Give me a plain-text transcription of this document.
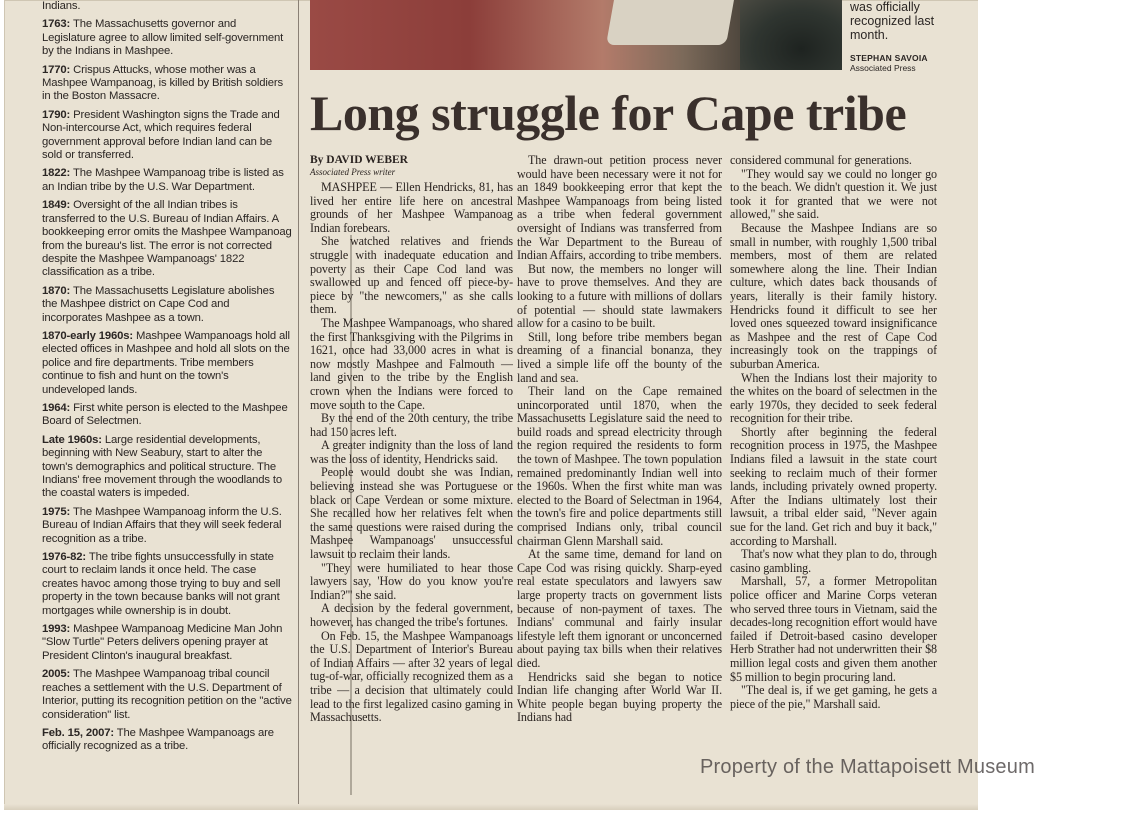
Indians.
1763: The Massachusetts governor and Legislature agree to allow limited self-government by the Indians in Mashpee.
1770: Crispus Attucks, whose mother was a Mashpee Wampanoag, is killed by British soldiers in the Boston Massacre.
1790: President Washington signs the Trade and Non-intercourse Act, which requires federal government approval before Indian land can be sold or transferred.
1822: The Mashpee Wampanoag tribe is listed as an Indian tribe by the U.S. War Department.
1849: Oversight of the all Indian tribes is transferred to the U.S. Bureau of Indian Affairs. A bookkeeping error omits the Mashpee Wampanoag from the bureau's list. The error is not corrected despite the Mashpee Wampanoags' 1822 classification as a tribe.
1870: The Massachusetts Legislature abolishes the Mashpee district on Cape Cod and incorporates Mashpee as a town.
1870-early 1960s: Mashpee Wampanoags hold all elected offices in Mashpee and hold all slots on the police and fire departments. Tribe members continue to fish and hunt on the town's undeveloped lands.
1964: First white person is elected to the Mashpee Board of Selectmen.
Late 1960s: Large residential developments, beginning with New Seabury, start to alter the town's demographics and political structure. The Indians' free movement through the woodlands to the coastal waters is impeded.
1975: The Mashpee Wampanoag inform the U.S. Bureau of Indian Affairs that they will seek federal recognition as a tribe.
1976-82: The tribe fights unsuccessfully in state court to reclaim lands it once held. The case creates havoc among those trying to buy and sell property in the town because banks will not grant mortgages while ownership is in doubt.
1993: Mashpee Wampanoag Medicine Man John "Slow Turtle" Peters delivers opening prayer at President Clinton's inaugural breakfast.
2005: The Mashpee Wampanoag tribal council reaches a settlement with the U.S. Department of Interior, putting its recognition petition on the "active consideration" list.
Feb. 15, 2007: The Mashpee Wampanoags are officially recognized as a tribe.
was officially recognized last month.
STEPHAN SAVOIA
Associated Press
Long struggle for Cape tribe
By DAVID WEBER
Associated Press writer

MASHPEE — Ellen Hendricks, 81, has lived her entire life here on ancestral grounds of her Mashpee Wampanoag Indian forebears.

She watched relatives and friends struggle with inadequate education and poverty as their Cape Cod land was swallowed up and fenced off piece-by-piece by "the newcomers," as she calls them.

The Mashpee Wampanoags, who shared the first Thanksgiving with the Pilgrims in 1621, once had 33,000 acres in what is now mostly Mashpee and Falmouth — land given to the tribe by the English crown when the Indians were forced to move south to the Cape.

By the end of the 20th century, the tribe had 150 acres left.

A greater indignity than the loss of land was the loss of identity, Hendricks said.

People would doubt she was Indian, believing instead she was Portuguese or black or Cape Verdean or some mixture. She recalled how her relatives felt when the same questions were raised during the Mashpee Wampanoags' unsuccessful lawsuit to reclaim their lands.

"They were humiliated to hear those lawyers say, 'How do you know you're Indian?'" she said.

A decision by the federal government, however, has changed the tribe's fortunes.

On Feb. 15, the Mashpee Wampanoags the U.S. Department of Interior's Bureau of Indian Affairs — after 32 years of legal tug-of-war, officially recognized them as a tribe — a decision that ultimately could lead to the first legalized casino gaming in Massachusetts.

The drawn-out petition process never would have been necessary were it not for an 1849 bookkeeping error that kept the Mashpee Wampanoags from being listed as a tribe when federal government oversight of Indians was transferred from the War Department to the Bureau of Indian Affairs, according to tribe members.

But now, the members no longer will have to prove themselves. And they are looking to a future with millions of dollars of potential — should state lawmakers allow for a casino to be built.

Still, long before tribe members began dreaming of a financial bonanza, they lived a simple life off the bounty of the land and sea.

Their land on the Cape remained unincorporated until 1870, when the Massachusetts Legislature said the need to build roads and spread electricity through the region required the residents to form the town of Mashpee. The town population remained predominantly Indian well into the 1960s. When the first white man was elected to the Board of Selectman in 1964, the town's fire and police departments still comprised Indians only, tribal council chairman Glenn Marshall said.

At the same time, demand for land on Cape Cod was rising quickly. Sharp-eyed real estate speculators and lawyers saw large property tracts on government lists because of non-payment of taxes. The Indians' communal and fairly insular lifestyle left them ignorant or unconcerned about paying tax bills when their relatives died.

Hendricks said she began to notice Indian life changing after World War II. White people began buying property the Indians had

considered communal for generations.

"They would say we could no longer go to the beach. We didn't question it. We just took it for granted that we were not allowed," she said.

Because the Mashpee Indians are so small in number, with roughly 1,500 tribal members, most of them are related somewhere along the line. Their Indian culture, which dates back thousands of years, literally is their family history. Hendricks found it difficult to see her loved ones squeezed toward insignificance as Mashpee and the rest of Cape Cod increasingly took on the trappings of suburban America.

When the Indians lost their majority to the whites on the board of selectmen in the early 1970s, they decided to seek federal recognition for their tribe.

Shortly after beginning the federal recognition process in 1975, the Mashpee Indians filed a lawsuit in the state court seeking to reclaim much of their former lands, including privately owned property. After the Indians ultimately lost their lawsuit, a tribal elder said, "Never again sue for the land. Get rich and buy it back," according to Marshall.

That's now what they plan to do, through casino gambling.

Marshall, 57, a former Metropolitan police officer and Marine Corps veteran who served three tours in Vietnam, said the decades-long recognition effort would have failed if Detroit-based casino developer Herb Strather had not underwritten their $8 million legal costs and given them another $5 million to begin procuring land.

"The deal is, if we get gaming, he gets a piece of the pie," Marshall said.

Property of the Mattapoisett Museum
